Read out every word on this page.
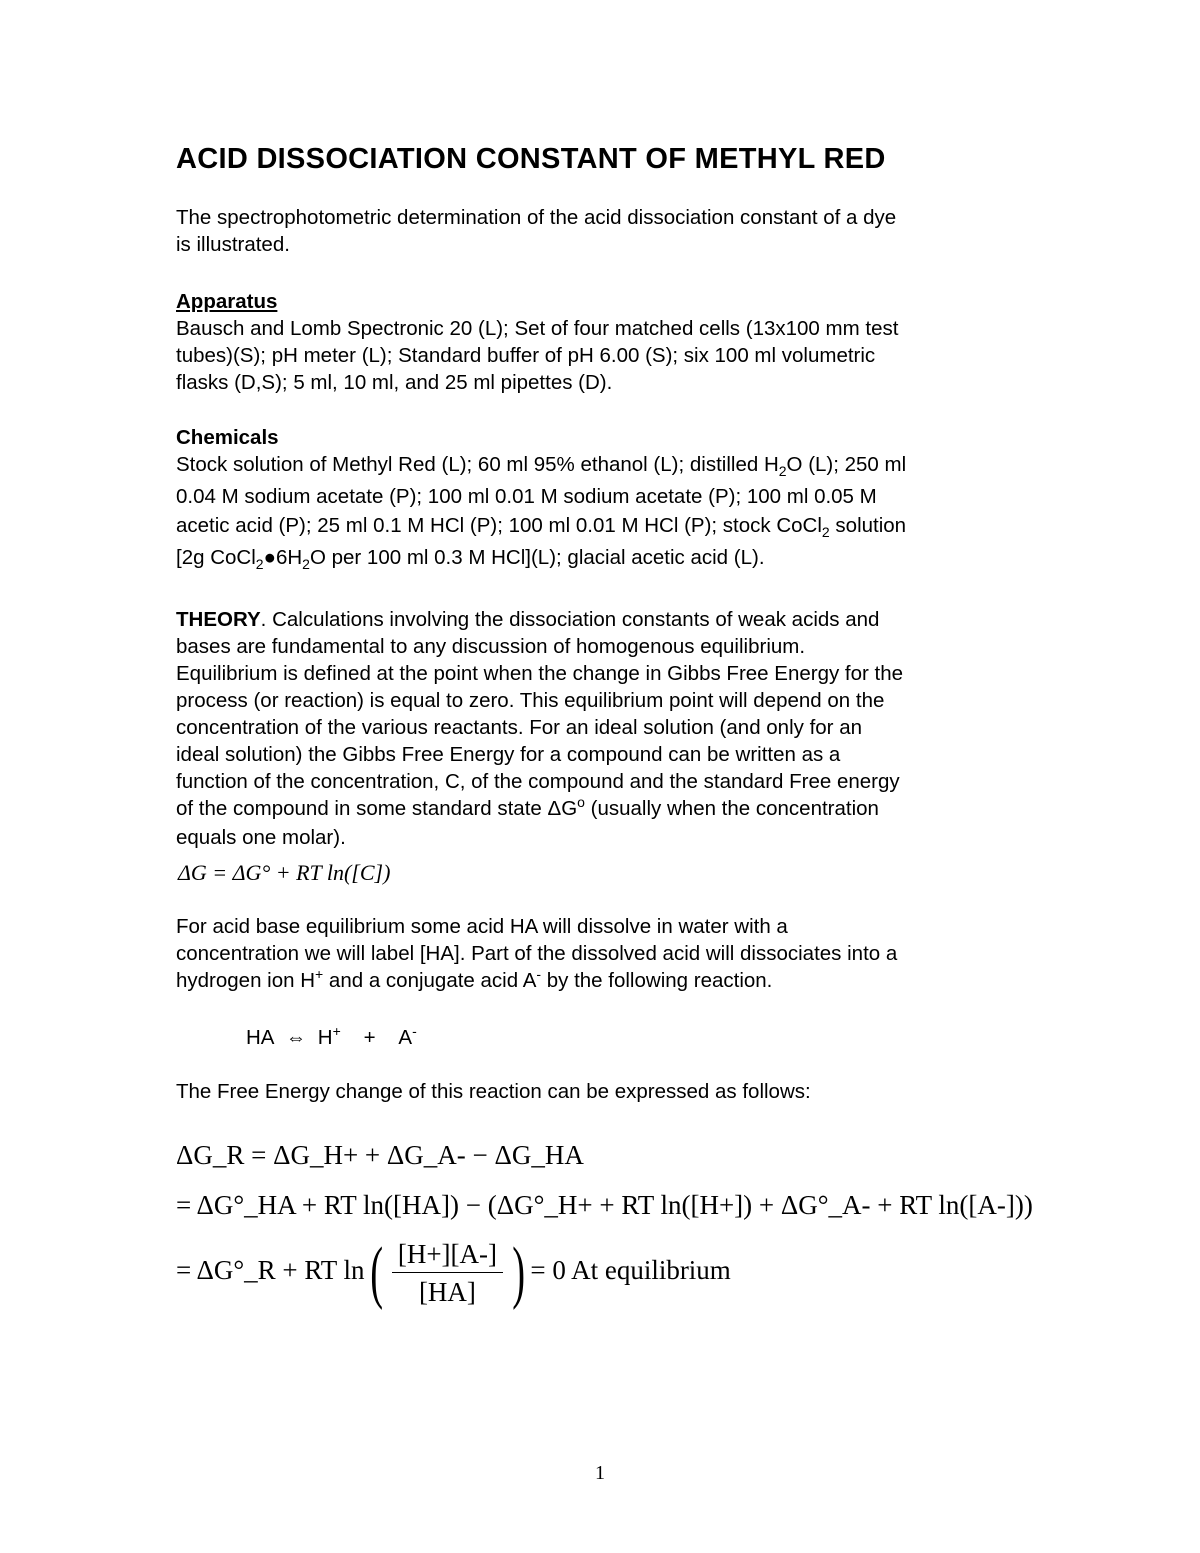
ACID DISSOCIATION CONSTANT OF METHYL RED
The spectrophotometric determination of the acid dissociation constant of a dye
is illustrated.
Apparatus
Bausch and Lomb Spectronic 20 (L); Set of four matched cells (13x100 mm test
tubes)(S); pH meter (L); Standard buffer of pH 6.00 (S); six 100 ml volumetric
flasks (D,S); 5 ml, 10 ml, and 25 ml pipettes (D).
Chemicals
Stock solution of Methyl Red (L); 60 ml 95% ethanol (L); distilled $H_2O$ (L); 250 ml
0.04 M sodium acetate (P); 100 ml 0.01 M sodium acetate (P); 100 ml 0.05 M
acetic acid (P); 25 ml 0.1 M HCl (P); 100 ml 0.01 M HCl (P); stock CoCl$_2$ solution
[2g $CoCl_2●6H_2O$ per 100 ml 0.3 M HCl](L); glacial acetic acid (L).
THEORY. Calculations involving the dissociation constants of weak acids and
bases are fundamental to any discussion of homogenous equilibrium.
Equilibrium is defined at the point when the change in Gibbs Free Energy for the
process (or reaction) is equal to zero. This equilibrium point will depend on the
concentration of the various reactants. For an ideal solution (and only for an
ideal solution) the Gibbs Free Energy for a compound can be written as a
function of the concentration, C, of the compound and the standard Free energy
of the compound in some standard state $\Delta G^o$ (usually when the concentration
equals one molar).
ΔG = ΔG° + RT ln([C])
For acid base equilibrium some acid HA will dissolve in water with a
concentration we will label [HA]. Part of the dissolved acid will dissociates into a
hydrogen ion H+ and a conjugate acid A- by the following reaction.
HA ⇔ H+ + A-
The Free Energy change of this reaction can be expressed as follows:
ΔG_R = ΔG_H+ + ΔG_A- − ΔG_HA
= ΔG°_HA + RT ln([HA]) − (ΔG°_H+ + RT ln([H+]) + ΔG°_A- + RT ln([A-]))
= ΔG°_R + RT $\ln( \frac{[H+][A-]}{[HA]}$ ) = 0 At equilibrium
1
